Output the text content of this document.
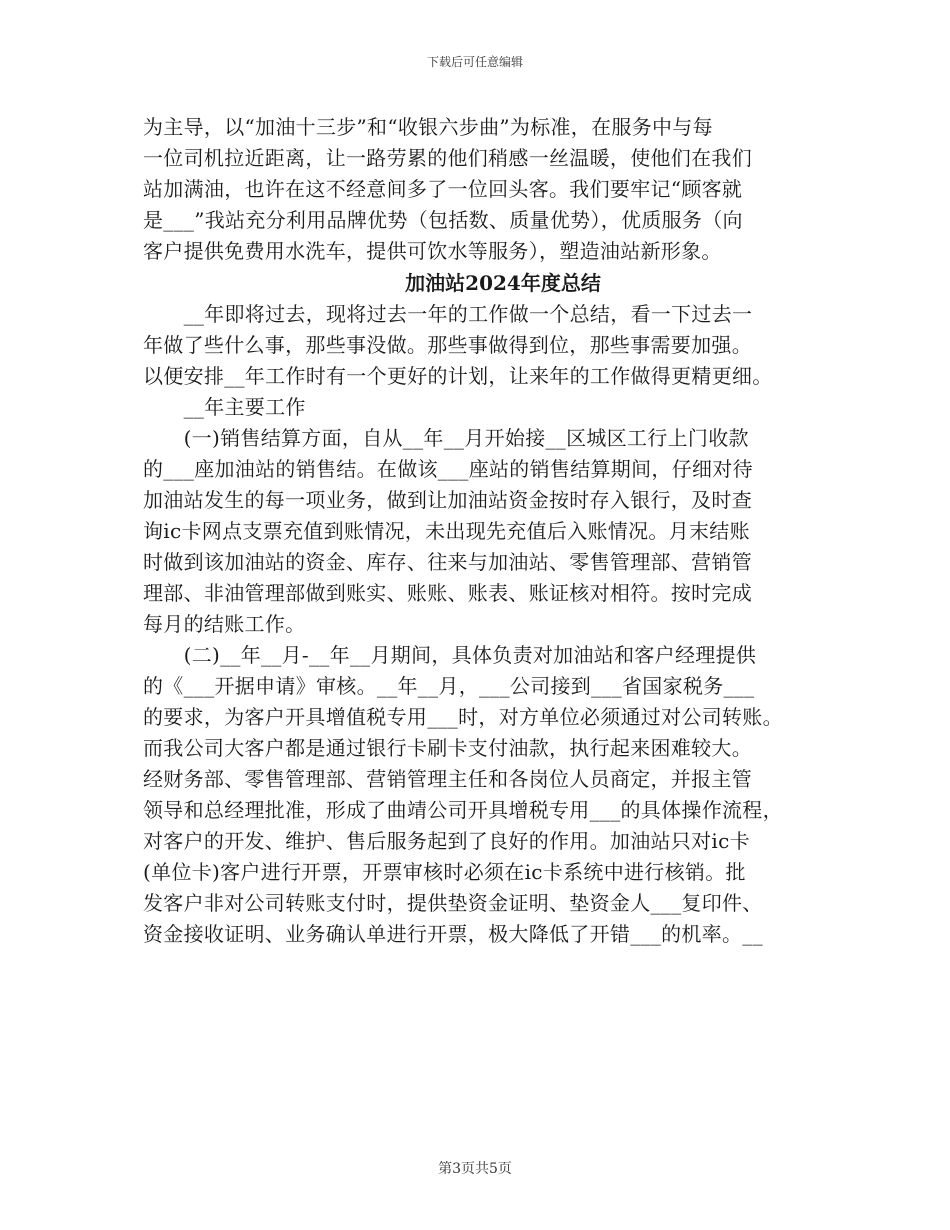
下载后可任意编辑
为主导，以“加油十三步”和“收银六步曲”为标准，在服务中与每
一位司机拉近距离，让一路劳累的他们稍感一丝温暖，使他们在我们
站加满油，也许在这不经意间多了一位回头客。我们要牢记“顾客就
是___”我站充分利用品牌优势（包括数、质量优势），优质服务（向
客户提供免费用水洗车，提供可饮水等服务），塑造油站新形象。
加油站2024年度总结
　　__年即将过去，现将过去一年的工作做一个总结，看一下过去一
年做了些什么事，那些事没做。那些事做得到位，那些事需要加强。
以便安排__年工作时有一个更好的计划，让来年的工作做得更精更细。
　　__年主要工作
　　(一)销售结算方面，自从__年__月开始接__区城区工行上门收款
的___座加油站的销售结。在做该___座站的销售结算期间，仔细对待
加油站发生的每一项业务，做到让加油站资金按时存入银行，及时查
询ic卡网点支票充值到账情况，未出现先充值后入账情况。月末结账
时做到该加油站的资金、库存、往来与加油站、零售管理部、营销管
理部、非油管理部做到账实、账账、账表、账证核对相符。按时完成
每月的结账工作。
　　(二)__年__月-__年__月期间，具体负责对加油站和客户经理提供
的《___开据申请》审核。__年__月，___公司接到___省国家税务___
的要求，为客户开具增值税专用___时，对方单位必须通过对公司转账。
而我公司大客户都是通过银行卡刷卡支付油款，执行起来困难较大。
经财务部、零售管理部、营销管理主任和各岗位人员商定，并报主管
领导和总经理批准，形成了曲靖公司开具增税专用___的具体操作流程，
对客户的开发、维护、售后服务起到了良好的作用。加油站只对ic卡
(单位卡)客户进行开票，开票审核时必须在ic卡系统中进行核销。批
发客户非对公司转账支付时，提供垫资金证明、垫资金人___复印件、
资金接收证明、业务确认单进行开票，极大降低了开错___的机率。__
第3页共5页
